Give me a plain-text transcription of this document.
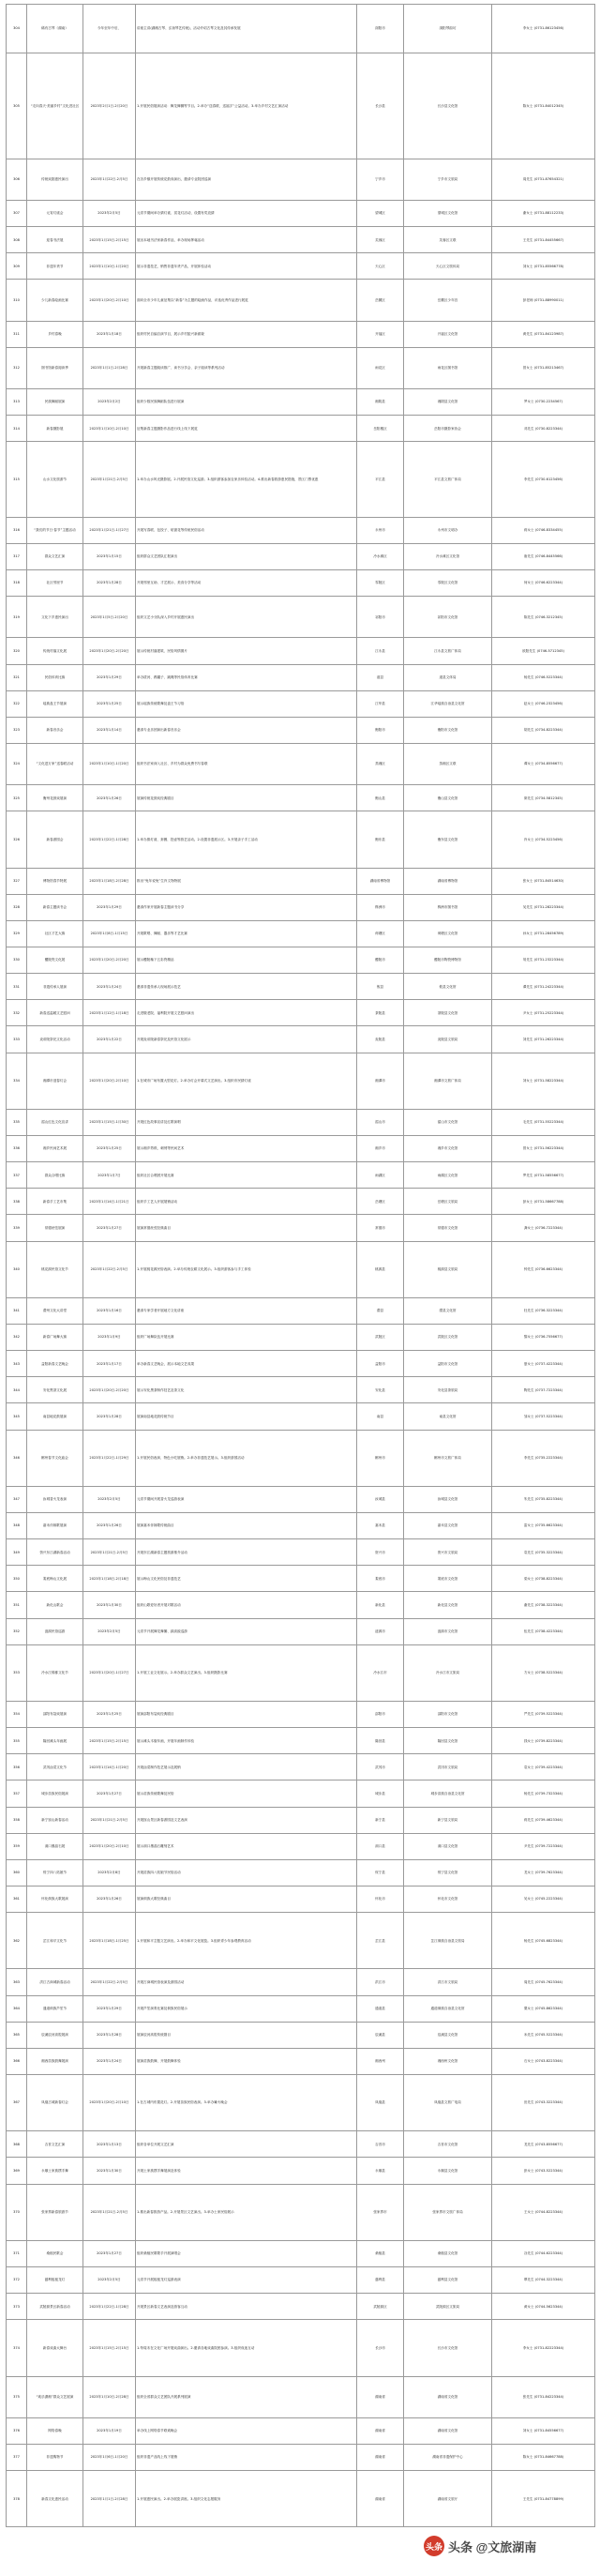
304	稀有古琴（湖南）	今年至年中后，	讲座主讲(湖湘古琴、弘扬琴艺传统)，活动介绍古琴文化及其传承发展	浏阳市	浏阳琴韵坊	李女士 (0731-86123456)
305	“走向春天·美丽乡村”文化进社区	2023年2月1日-2月20日	1.开展民俗展演活动：舞龙舞狮等节目。2.举办“送春联、送福字”公益活动。3.举办乡村文艺汇演活动	长沙县	长沙县文化馆	陈女士 (0731-84012345)
306	传统戏剧惠民演出	2023年1月22日-2月5日	在各乡镇开展传统花鼓戏演出，邀请专业院团巡演	宁乡市	宁乡市文旅局	周先生 (0731-87654321)
307	元宵灯谜会	2023年2月5日	元宵节期间举办猜灯谜、赏花灯活动，设置有奖竞猜	望城区	望城区文化馆	谢女士 (0731-88112233)
308	迎春书法展	2023年1月15日-2月15日	展出本地书法家新春作品，举办现场挥毫活动	芙蓉区	芙蓉区文联	王先生 (0731-84455667)
309	非遗年货节	2023年1月10日-1月20日	展示非遗技艺，销售非遗年货产品，开展体验活动	天心区	天心区文旅体局	刘女士 (0731-85566778)
310	少儿新春绘画比赛	2023年1月20日-2月10日	面向全市少年儿童征集以“新春”为主题的绘画作品，评选优秀作品进行展览	岳麓区	岳麓区少年宫	彭老师 (0731-88990011)
311	乡村春晚	2023年1月18日	组织村民自编自演节目，展示乡村振兴新面貌	开福区	开福区文化馆	黄先生 (0731-84123987)
312	图书馆新春阅读季	2023年1月1日-2月28日	开展新春主题阅读推广、读书分享会、亲子阅读等系列活动	雨花区	雨花区图书馆	曾女士 (0731-85213467)
313	民族舞蹈展演	2023年2月2日	组织少数民族舞蹈队伍进行展演	湘阴县	湘阴县文化馆	罗女士 (0730-2234567)
314	新春摄影展	2023年1月10日-2月10日	征集新春主题摄影作品进行线上线下展览	岳阳楼区	岳阳市摄影家协会	邓先生 (0730-8223344)
315	山水文化旅游节	2023年1月21日-2月5日	1.举办山水风光摄影展。2.开展民俗文化巡游。3.组织游客参加农家乐体验活动。4.推出新春旅游惠民措施，景区门票优惠	平江县	平江县文旅广体局	李先生 (0730-6123456)
316	“我们的节日·春节”主题活动	2023年1月21日-1月27日	开展写春联、包饺子、贴窗花等传统民俗活动	永州市	永州市文明办	蒋女士 (0746-8334455)
317	群众文艺汇演	2023年1月15日	组织群众文艺团队汇报演出	冷水滩区	冷水滩区文化馆	唐先生 (0746-8445566)
318	社区邻里节	2023年1月28日	开展邻里互助、才艺展示、美食分享等活动	零陵区	零陵区文化馆	何女士 (0746-6223344)
319	文化下乡惠民演出	2023年1月5日-2月20日	组织文艺小分队深入乡村开展惠民演出	祁阳市	祁阳市文化馆	陈先生 (0746-3212345)
320	传统村落文化展	2023年1月20日-2月20日	展示传统村落建筑、民俗风情图片	江永县	江永县文旅广体局	欧阳先生 (0746-5712345)
321	民俗体育比赛	2023年1月29日	举办拔河、踢毽子、跳绳等民俗体育比赛	道县	道县文体局	杨先生 (0746-5223344)
322	瑶族盘王节展演	2023年1月25日	展示瑶族传统歌舞及盘王节习俗	江华县	江华瑶族自治县文化馆	赵女士 (0746-2323456)
323	新春音乐会	2023年1月14日	邀请专业乐团演出新春音乐会	衡阳市	衡阳市文化馆	胡先生 (0734-8223344)
324	“文化进万家”送春联活动	2023年1月10日-1月20日	组织书法家深入社区、乡村为群众免费书写春联	蒸湘区	蒸湘区文联	谭女士 (0734-8556677)
325	衡州花鼓戏展演	2023年1月26日	展演传统花鼓戏经典剧目	衡山县	衡山县文化馆	廖先生 (0734-5812345)
326	新春游园会	2023年1月22日-1月28日	1.举办猜灯谜、套圈、投壶等游艺活动。2.设置非遗展示区。3.开展亲子手工活动	衡东县	衡东县文化馆	肖女士 (0734-5223456)
327	博物馆春节特展	2023年1月18日-2月28日	推出“兔年说兔”生肖文物特展	湖南省博物馆	湖南省博物馆	张女士 (0731-84514630)
328	新春主题读书会	2023年1月29日	邀请作家开展新春主题读书分享	株洲市	株洲市图书馆	吴先生 (0731-28223344)
329	社区才艺大赛	2023年1月8日-1月15日	开展歌唱、舞蹈、器乐等才艺比赛	荷塘区	荷塘区文化馆	孙女士 (0731-28456789)
330	醴陵瓷文化展	2023年1月20日-2月20日	展示醴陵釉下五彩瓷精品	醴陵市	醴陵市陶瓷博物馆	易先生 (0731-23223344)
331	非遗传承人展演	2023年1月24日	邀请非遗传承人现场展示技艺	攸县	攸县文化馆	谭先生 (0731-24223344)
332	新春送温暖文艺慰问	2023年1月12日-1月18日	走进敬老院、福利院开展文艺慰问演出	茶陵县	茶陵县文化馆	尹女士 (0731-25223344)
333	炎帝陵祭祀文化活动	2023年1月22日	开展炎帝陵新春祭祀及民俗文化展示	炎陵县	炎陵县文旅局	刘先生 (0731-26223344)
334	湘潭市迎春灯会	2023年1月20日-2月10日	1.在城市广场布置大型花灯。2.举办灯会开幕式文艺演出。3.组织市民猜灯谜	湘潭市	湘潭市文旅广体局	刘女士 (0731-58223344)
335	韶山红色文化宣讲	2023年1月15日-1月30日	开展红色故事宣讲及红歌演唱	韶山市	韶山市文化馆	毛先生 (0731-55223344)
336	湘乡民间艺术展	2023年1月25日	展示湘乡剪纸、刺绣等民间艺术	湘乡市	湘乡市文化馆	曾女士 (0731-56223344)
337	群众合唱比赛	2023年1月7日	组织社区合唱团开展比赛	雨湖区	雨湖区文化馆	罗先生 (0731-58556677)
338	新春手工艺市集	2023年1月14日-1月21日	组织手工艺人开展展销活动	岳塘区	岳塘区文旅局	彭女士 (0731-58667788)
339	常德丝弦展演	2023年1月27日	展演常德丝弦经典曲目	常德市	常德市文化馆	龚女士 (0736-7223344)
340	桃花源民俗文化节	2023年1月22日-2月5日	1.开展桃花源民俗表演。2.举办传统农耕文化展示。3.组织游客参与手工体验	桃源县	桃源县文旅局	钟先生 (0736-6623344)
341	澧州文化大讲堂	2023年1月16日	邀请专家学者开展地方文化讲座	澧县	澧县文化馆	杜先生 (0736-3223344)
342	新春广场舞大赛	2023年1月9日	组织广场舞队伍开展比赛	武陵区	武陵区文化馆	黎女士 (0736-7556677)
343	益阳新春文艺晚会	2023年1月17日	举办新春文艺晚会，展示本地文艺成果	益阳市	益阳市文化馆	夏女士 (0737-4223344)
344	安化黑茶文化展	2023年1月20日-2月20日	展示安化黑茶制作技艺及茶文化	安化县	安化县茶旅局	陶先生 (0737-7223344)
345	南县地花鼓展演	2023年1月28日	展演南县地花鼓传统节目	南县	南县文化馆	邹女士 (0737-5223344)
346	郴州春节文化庙会	2023年1月22日-1月29日	1.开展民俗表演、特色小吃展销。2.举办非遗技艺展示。3.组织游园活动	郴州市	郴州市文旅广体局	李先生 (0735-2223344)
347	汝城香火龙表演	2023年2月5日	元宵节期间开展香火龙巡游表演	汝城县	汝城县文化馆	朱先生 (0735-8223344)
348	嘉禾伴嫁歌展演	2023年1月26日	展演嘉禾伴嫁歌传统曲目	嘉禾县	嘉禾县文化馆	雷女士 (0735-6623344)
349	资兴东江湖新春活动	2023年1月21日-2月5日	开展东江湖新春主题旅游推介活动	资兴市	资兴市文旅局	袁先生 (0735-3223344)
350	娄底梅山文化展	2023年1月18日-2月18日	展示梅山文化民俗及非遗技艺	娄底市	娄底市文化馆	梁女士 (0738-8223344)
351	新化山歌会	2023年1月30日	组织山歌爱好者开展对歌活动	新化县	新化县文化馆	谢先生 (0738-3223344)
352	涟源民俗巡游	2023年2月5日	元宵节开展舞龙舞狮、踩高跷巡游	涟源市	涟源市文化馆	伍先生 (0738-4223344)
353	冷水江锑都文化节	2023年1月20日-1月27日	1.开展工业文化展示。2.举办群众文艺演出。3.组织摄影比赛	冷水江市	冷水江市文旅局	方女士 (0738-5223344)
354	邵阳布袋戏展演	2023年1月25日	展演邵阳布袋戏经典剧目	邵阳市	邵阳市文化馆	严先生 (0739-5223344)
355	隆回滩头年画展	2023年1月15日-2月15日	展示滩头木版年画，开展年画制作体验	隆回县	隆回县文化馆	钱女士 (0739-8223344)
356	武冈卤菜文化节	2023年1月14日-1月20日	开展卤菜制作技艺展示及展销	武冈市	武冈市文旅局	袁女士 (0739-4223344)
357	城步苗族民俗展演	2023年1月27日	展示苗族传统歌舞及民俗	城步县	城步苗族自治县文化馆	杨先生 (0739-7323344)
358	新宁崀山新春活动	2023年1月21日-2月5日	开展崀山景区新春游园及文艺表演	新宁县	新宁县文旅局	蒋先生 (0739-4623344)
359	洞口墨晶石展	2023年1月20日-2月10日	展示洞口墨晶石雕刻艺术	洞口县	洞口县文化馆	尹先生 (0739-7223344)
360	绥宁四八姑娘节	2023年2月8日	开展苗族四八姑娘节民俗活动	绥宁县	绥宁县文化馆	龙女士 (0739-7623344)
361	怀化侗族大歌展演	2023年1月26日	展演侗族大歌经典曲目	怀化市	怀化市文化馆	吴女士 (0745-2223344)
362	芷江和平文化节	2023年1月18日-1月25日	1.开展和平主题文艺演出。2.举办和平文化展览。3.组织青少年参观教育活动	芷江县	芷江侗族自治县文旅局	杨先生 (0745-6823344)
363	洪江古商城新春活动	2023年1月22日-2月5日	开展古商城民俗表演及游园活动	洪江市	洪江市文旅局	周先生 (0745-7623344)
364	通道侗族芦笙节	2023年1月29日	开展芦笙演奏比赛及侗族民俗展示	通道县	通道侗族自治县文化馆	粟女士 (0745-8623344)
365	辰溪辰河高腔展演	2023年1月28日	展演辰河高腔传统剧目	辰溪县	辰溪县文化馆	米先生 (0745-5223344)
366	湘西苗族鼓舞展演	2023年1月24日	展演苗族鼓舞，开展鼓舞体验	湘西州	湘西州文化馆	石女士 (0743-8223344)
367	凤凰古城新春灯会	2023年1月20日-2月10日	1.在古城内布置花灯。2.开展苗族民俗表演。3.举办篝火晚会	凤凰县	凤凰县文旅广电局	田先生 (0743-3223344)
368	吉首文艺汇演	2023年1月13日	组织各单位开展文艺汇演	吉首市	吉首市文化馆	龙先生 (0743-8556677)
369	永顺土家族摆手舞	2023年1月30日	开展土家族摆手舞展演及体验	永顺县	永顺县文化馆	彭女士 (0743-5223344)
370	张家界新春旅游节	2023年1月21日-2月5日	1.推出新春旅游产品。2.开展景区文艺演出。3.举办土家民俗展示	张家界市	张家界市文旅广体局	王女士 (0744-8223344)
371	桑植民歌会	2023年1月27日	组织桑植民歌歌手开展演唱会	桑植县	桑植县文化馆	谷先生 (0744-6223344)
372	慈利板板龙灯	2023年2月5日	元宵节开展板板龙灯巡游表演	慈利县	慈利县文化馆	覃先生 (0744-3223344)
373	武陵源景区新春活动	2023年1月22日-1月28日	开展景区新春文艺表演及游客互动	武陵源区	武陵源区文旅局	黄女士 (0744-5623344)
374	新春戏曲大舞台	2023年1月15日-2月15日	1.每周末在文化广场开展戏曲演出。2.邀请各地戏曲院团参演。3.组织戏迷互动	长沙市	长沙市文化馆	李女士 (0731-82223344)
375	“欢乐潇湘”群众文艺展演	2023年1月10日-2月28日	组织全省群众文艺团队开展系列展演	湖南省	湖南省文化馆	张先生 (0731-84223344)
376	网络春晚	2023年1月19日	举办线上网络春节联欢晚会	湖南省	湖南省文化馆	刘女士 (0731-84556677)
377	非遗购物节	2023年1月6日-1月20日	组织非遗产品线上线下展销	湖南省	湖南省非遗保护中心	陈女士 (0731-84667788)
378	新春文化惠民活动	2023年1月1日-2月28日	1.开展惠民演出。2.举办展览讲座。3.组织文化志愿服务	湖南省	湖南省文旅厅	王先生 (0731-84778899)
头条 头条 @文旅湖南
